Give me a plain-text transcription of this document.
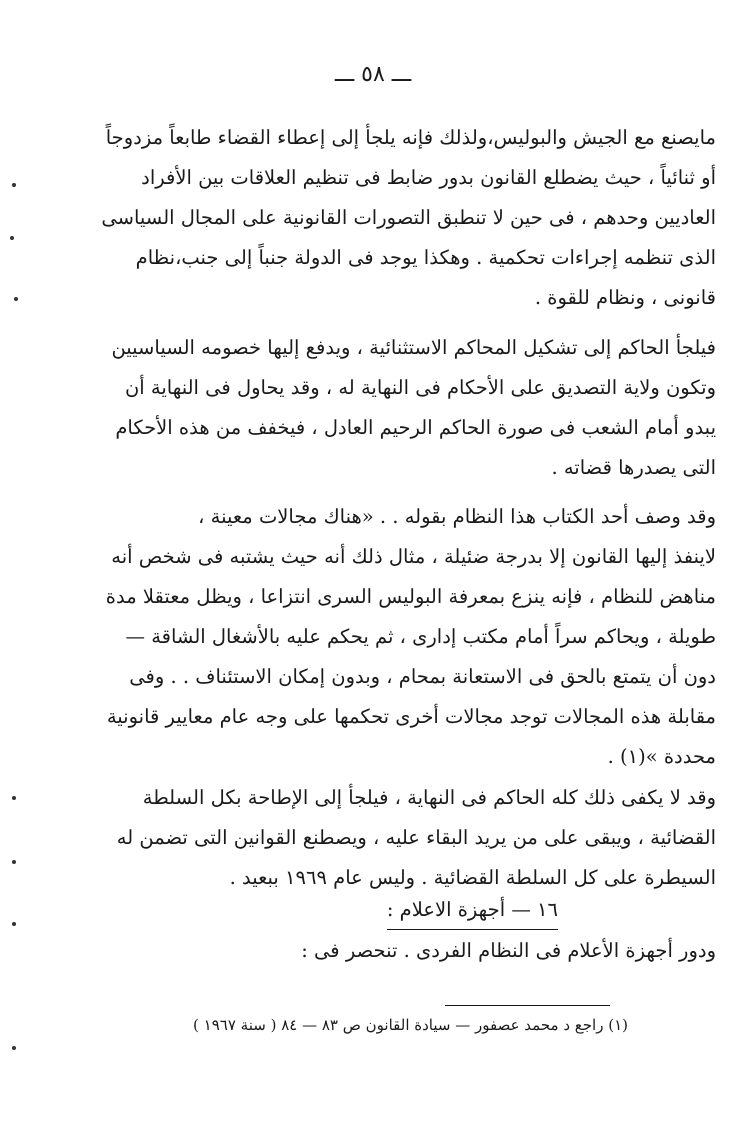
ـــ ٥٨ ـــ

مايصنع مع الجيش والبوليس،ولذلك فإنه يلجأ إلى إعطاء القضاء طابعاً مزدوجاً
أو ثنائياً ، حيث يضطلع القانون بدور ضابط فى تنظيم العلاقات بين الأفراد
العاديين وحدهم ، فى حين لا تنطبق التصورات القانونية على المجال السياسى
الذى تنظمه إجراءات تحكمية . وهكذا يوجد فى الدولة جنباً إلى جنب،نظام
قانونى ، ونظام للقوة .

فيلجأ الحاكم إلى تشكيل المحاكم الاستثنائية ، ويدفع إليها خصومه السياسيين
وتكون ولاية التصديق على الأحكام فى النهاية له ، وقد يحاول فى النهاية أن
يبدو أمام الشعب فى صورة الحاكم الرحيم العادل ، فيخفف من هذه الأحكام
التى يصدرها قضاته .

وقد وصف أحد الكتاب هذا النظام بقوله . . «هناك مجالات معينة ،
لاينفذ إليها القانون إلا بدرجة ضئيلة ، مثال ذلك أنه حيث يشتبه فى شخص أنه
مناهض للنظام ، فإنه ينزع بمعرفة البوليس السرى انتزاعا ، ويظل معتقلا مدة
طويلة ، ويحاكم سراً أمام مكتب إدارى ، ثم يحكم عليه بالأشغال الشاقة —
دون أن يتمتع بالحق فى الاستعانة بمحام ، وبدون إمكان الاستئناف . . وفى
مقابلة هذه المجالات توجد مجالات أخرى تحكمها على وجه عام معايير قانونية
محددة »(١) .

وقد لا يكفى ذلك كله الحاكم فى النهاية ، فيلجأ إلى الإطاحة بكل السلطة
القضائية ، ويبقى على من يريد البقاء عليه ، ويصطنع القوانين التى تضمن له
السيطرة على كل السلطة القضائية . وليس عام ١٩٦٩ ببعيد .

١٦ — أجهزة الاعلام :
ودور أجهزة الأعلام فى النظام الفردى . تنحصر فى :
(١) راجع د محمد عصفور — سيادة القانون ص ٨٣ — ٨٤ ( سنة ١٩٦٧ )
